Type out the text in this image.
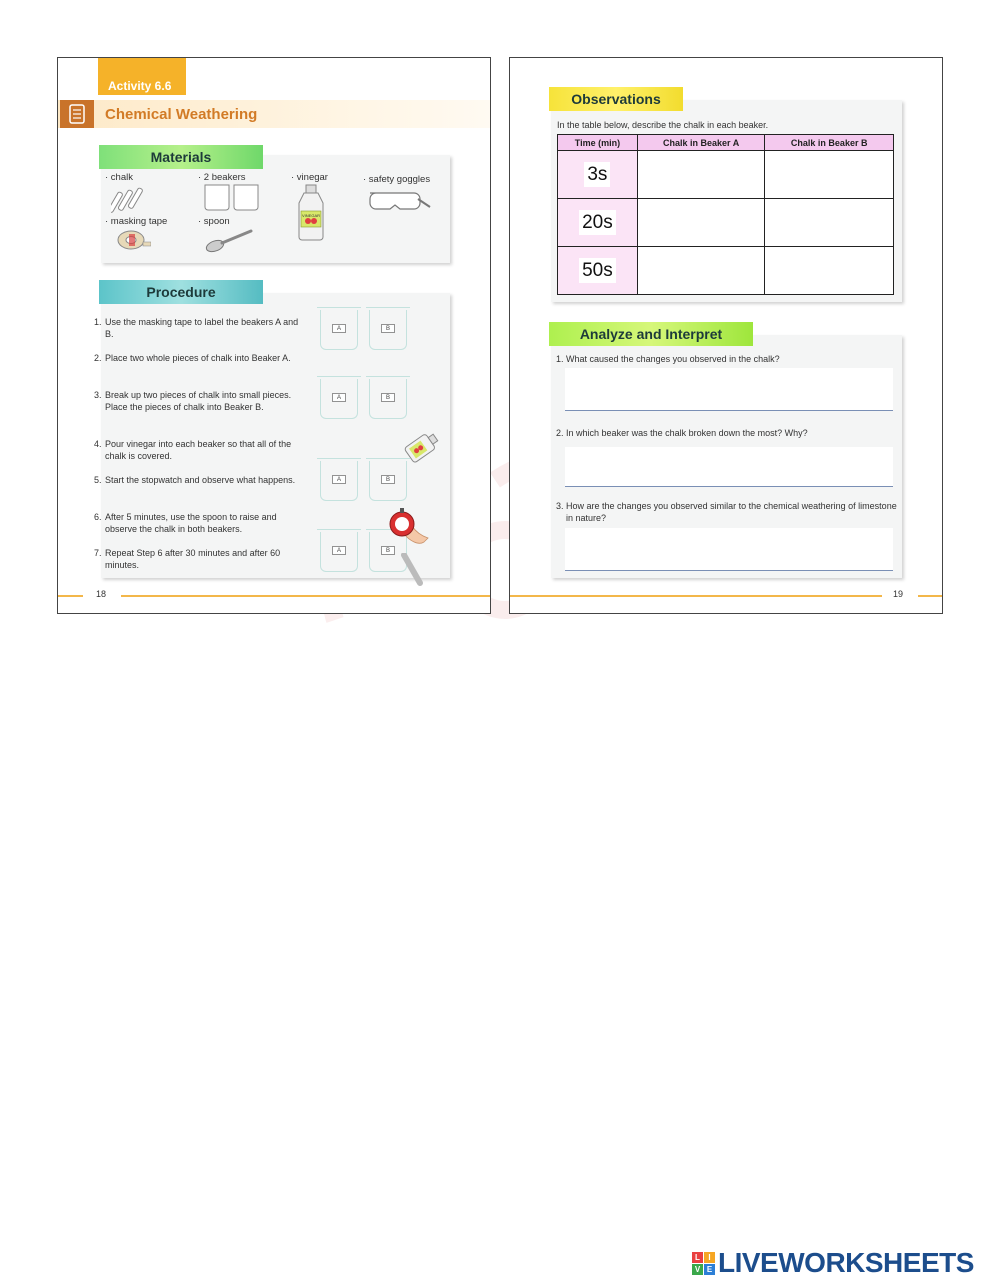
Activity 6.6
Chemical Weathering
· chalk	· 2 beakers	· vinegar	· safety goggles
· masking tape	· spoon
VINEGAR
Materials
Procedure
1. Use the masking tape to label the beakers A and B.
2. Place two whole pieces of chalk into Beaker A.
3. Break up two pieces of chalk into small pieces. Place the pieces of chalk into Beaker B.
4. Pour vinegar into each beaker so that all of the chalk is covered.
5. Start the stopwatch and observe what happens.
6. After 5 minutes, use the spoon to raise and observe the chalk in both beakers.
7. Repeat Step 6 after 30 minutes and after 60 minutes.
A	B
A	B
A	B
A	B
18
Observations
In the table below, describe the chalk in each beaker.
Time (min)	Chalk in Beaker A	Chalk in Beaker B
3s		
20s		
50s		
Analyze and Interpret
1. What caused the changes you observed in the chalk?
2. In which beaker was the chalk broken down the most? Why?
3. How are the changes you observed similar to the chemical weathering of limestone in nature?
19
L	I
V E LIVEWORKSHEETS
